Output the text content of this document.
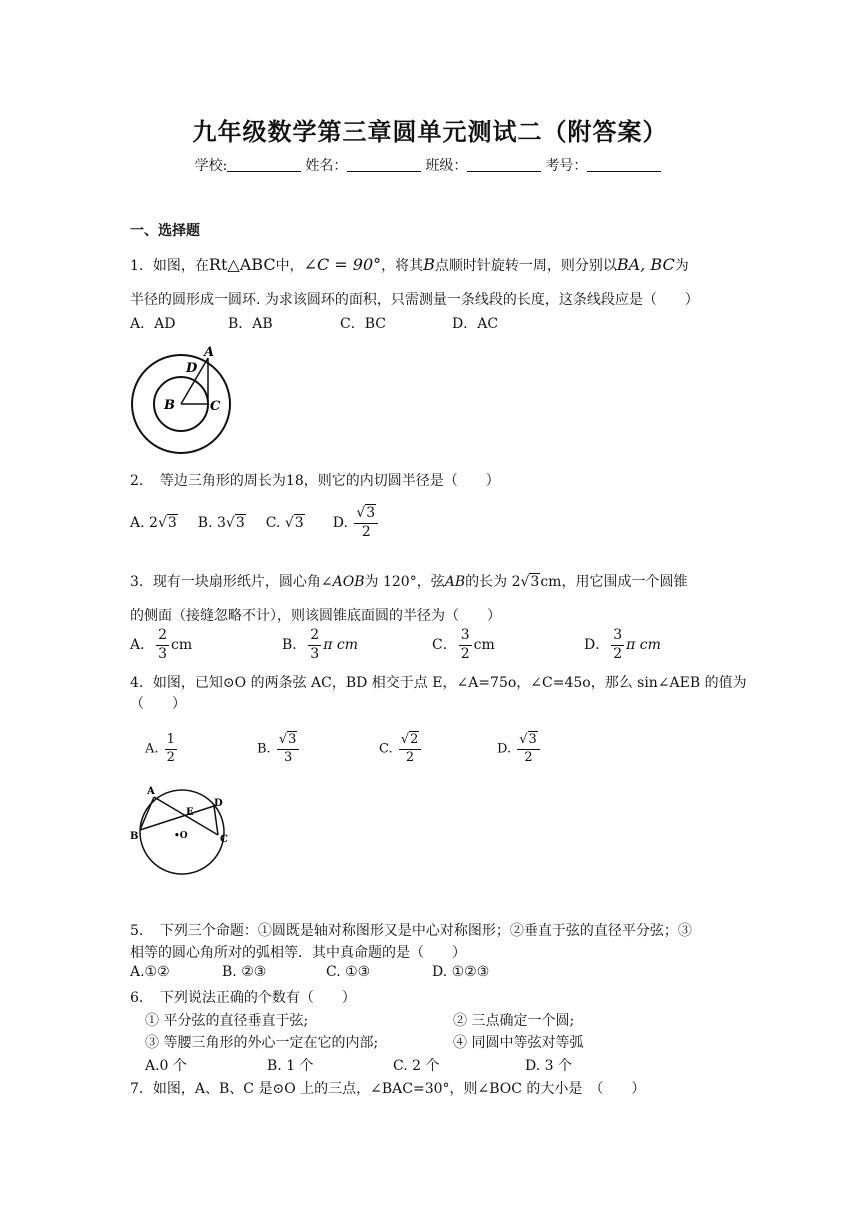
九年级数学第三章圆单元测试二（附答案）
学校:	姓名：	班级：	考号：
一、选择题
1．如图，在Rt△ABC中，∠C = 90°，将其B点顺时针旋转一周，则分别以BA, BC为
半径的圆形成一圆环. 为求该圆环的面积，只需测量一条线段的长度，这条线段应是（　　）
A．AD	B．AB	C．BC	D．AC
A
D
B	C
2．　等边三角形的周长为18，则它的内切圆半径是（　　）
A. 2√3 B. 3√3 C. √3 D. $\frac{√3}{2}$
3．现有一块扇形纸片，圆心角∠AOB为 120°，弦AB的长为 2√3cm，用它围成一个圆锥
的侧面（接缝忽略不计），则该圆锥底面圆的半径为（　　）
A． $\frac{2}{3}$ cm	B． $\frac{2}{3}$ π cm	C． $\frac{3}{2}$ cm	D． $\frac{3}{2}$ π cm
4．如图，已知⊙O 的两条弦 AC，BD 相交于点 E，∠A=75o，∠C=45o，那么 sin∠AEB 的值为
（　　）
A. $\frac{1}{2}$	B. $\frac{√3}{3}$	C. $\frac{√2}{2}$	D. $\frac{√3}{2}$
A
B	C
D
E
•O
5．　下列三个命题：①圆既是轴对称图形又是中心对称图形；②垂直于弦的直径平分弦；③
相等的圆心角所对的弧相等．其中真命题的是（　　）
A.①②	B. ②③	C. ①③	D. ①②③
6．　下列说法正确的个数有（　　）
① 平分弦的直径垂直于弦;	② 三点确定一个圆;
③ 等腰三角形的外心一定在它的内部;	④ 同圆中等弦对等弧
A.0 个	B. 1 个	C. 2 个	D. 3 个
7．如图，A、B、C 是⊙O 上的三点，∠BAC=30°，则∠BOC 的大小是　（　　）
